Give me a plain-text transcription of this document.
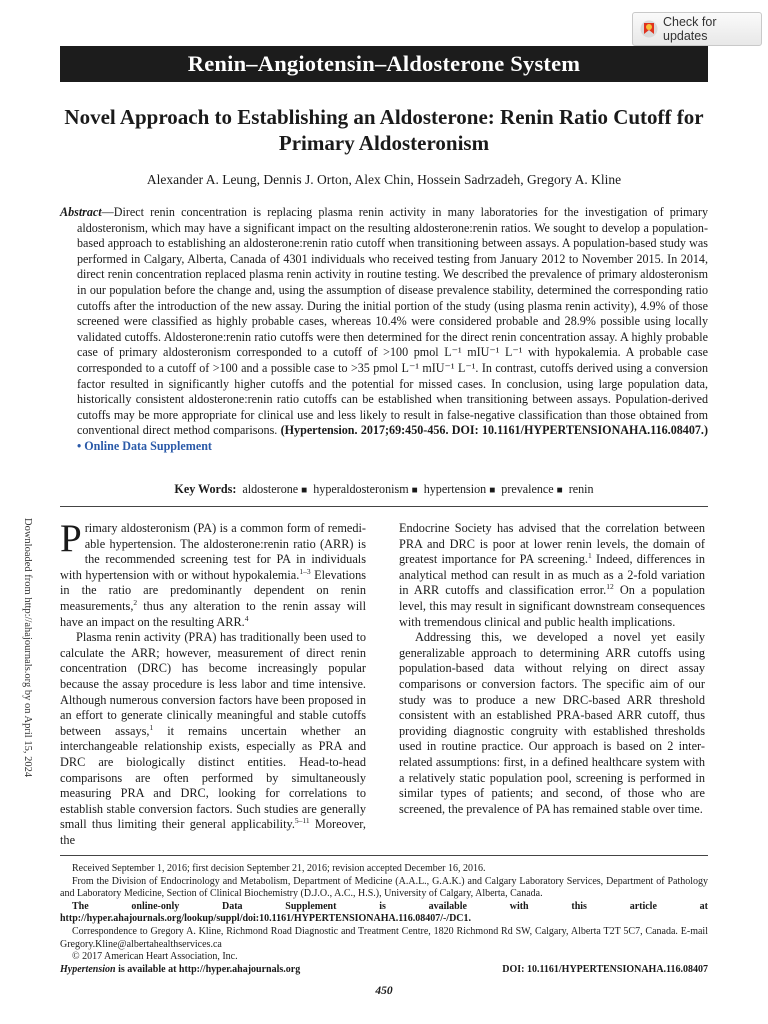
Check for updates
Renin–Angiotensin–Aldosterone System
Novel Approach to Establishing an Aldosterone: Renin Ratio Cutoff for Primary Aldosteronism
Alexander A. Leung, Dennis J. Orton, Alex Chin, Hossein Sadrzadeh, Gregory A. Kline
Abstract—Direct renin concentration is replacing plasma renin activity in many laboratories for the investigation of primary aldosteronism, which may have a significant impact on the resulting aldosterone:renin ratios. We sought to develop a population-based approach to establishing an aldosterone:renin ratio cutoff when transitioning between assays. A population-based study was performed in Calgary, Alberta, Canada of 4301 individuals who received testing from January 2012 to November 2015. In 2014, direct renin concentration replaced plasma renin activity in routine testing. We described the prevalence of primary aldosteronism in our population before the change and, using the assumption of disease prevalence stability, determined the corresponding ratio cutoffs after the introduction of the new assay. During the initial portion of the study (using plasma renin activity), 4.9% of those screened were classified as highly probable cases, whereas 10.4% were considered probable and 28.9% possible using locally validated cutoffs. Aldosterone:renin ratio cutoffs were then determined for the direct renin concentration assay. A highly probable case of primary aldosteronism corresponded to a cutoff of >100 pmol L⁻¹ mIU⁻¹ L⁻¹ with hypokalemia. A probable case corresponded to a cutoff of >100 and a possible case to >35 pmol L⁻¹ mIU⁻¹ L⁻¹. In contrast, cutoffs derived using a conversion factor resulted in significantly higher cutoffs and the potential for missed cases. In conclusion, using large population data, historically consistent aldosterone:renin ratio cutoffs can be established when transitioning between assays. Population-derived cutoffs may be more appropriate for clinical use and less likely to result in false-negative classification than those obtained from conventional direct method comparisons. (Hypertension. 2017;69:450-456. DOI: 10.1161/HYPERTENSIONAHA.116.08407.) • Online Data Supplement
Key Words: aldosterone ■ hyperaldosteronism ■ hypertension ■ prevalence ■ renin
Downloaded from http://ahajournals.org by on April 15, 2024 Primary aldosteronism (PA) is a common form of remedi- able hypertension. The aldosterone:renin ratio (ARR) is the recommended screening test for PA in individuals with hypertension with or without hypokalemia.$^{1-3}$ Elevations in the ratio are predominantly dependent on renin measurements,$^2$ thus any alteration to the renin assay will have an impact on the resulting ARR.$^4$

Plasma renin activity (PRA) has traditionally been used to calculate the ARR; however, measurement of direct renin concentration (DRC) has become increasingly popular because the assay procedure is less labor and time intensive. Although numerous conversion factors have been proposed in an effort to generate clinically meaningful and stable cutoffs between assays,$^1$ it remains uncertain whether an interchangeable relationship exists, especially as PRA and DRC are biologically distinct entities. Head-to-head comparisons are often performed by simultaneously measuring PRA and DRC, looking for correlations to establish stable conversion factors. Such studies are generally small thus limiting their general applicability.$^{5-11}$ Moreover, the

Endocrine Society has advised that the correlation between PRA and DRC is poor at lower renin levels, the domain of greatest importance for PA screening.$^1$ Indeed, differences in analytical method can result in as much as a 2-fold variation in ARR cutoffs and classification error.$^{12}$ On a population level, this may result in significant downstream consequences with tremendous clinical and public health implications.

Addressing this, we developed a novel yet easily generalizable approach to determining ARR cutoffs using population-based data without relying on direct assay comparisons or conversion factors. The specific aim of our study was to produce a new DRC-based ARR threshold consistent with an established PRA-based ARR cutoff, thus providing diagnostic congruity with established thresholds used in routine practice. Our approach is based on 2 inter-related assumptions: first, in a defined healthcare system with a relatively static population pool, screening is performed in similar types of patients; and second, of those who are screened, the prevalence of PA has remained stable over time.

Received September 1, 2016; first decision September 21, 2016; revision accepted December 16, 2016.

From the Division of Endocrinology and Metabolism, Department of Medicine (A.A.L., G.A.K.) and Calgary Laboratory Services, Department of Pathology and Laboratory Medicine, Section of Clinical Biochemistry (D.J.O., A.C., H.S.), University of Calgary, Alberta, Canada.

The online-only Data Supplement is available with this article at http://hyper.ahajournals.org/lookup/suppl/doi:10.1161/HYPERTENSIONAHA.116.08407/-/DC1.

Correspondence to Gregory A. Kline, Richmond Road Diagnostic and Treatment Centre, 1820 Richmond Rd SW, Calgary, Alberta T2T 5C7, Canada. E-mail Gregory.Kline@albertahealthservices.ca

© 2017 American Heart Association, Inc.

Hypertension is available at http://hyper.ahajournals.org	DOI: 10.1161/HYPERTENSIONAHA.116.08407
450
